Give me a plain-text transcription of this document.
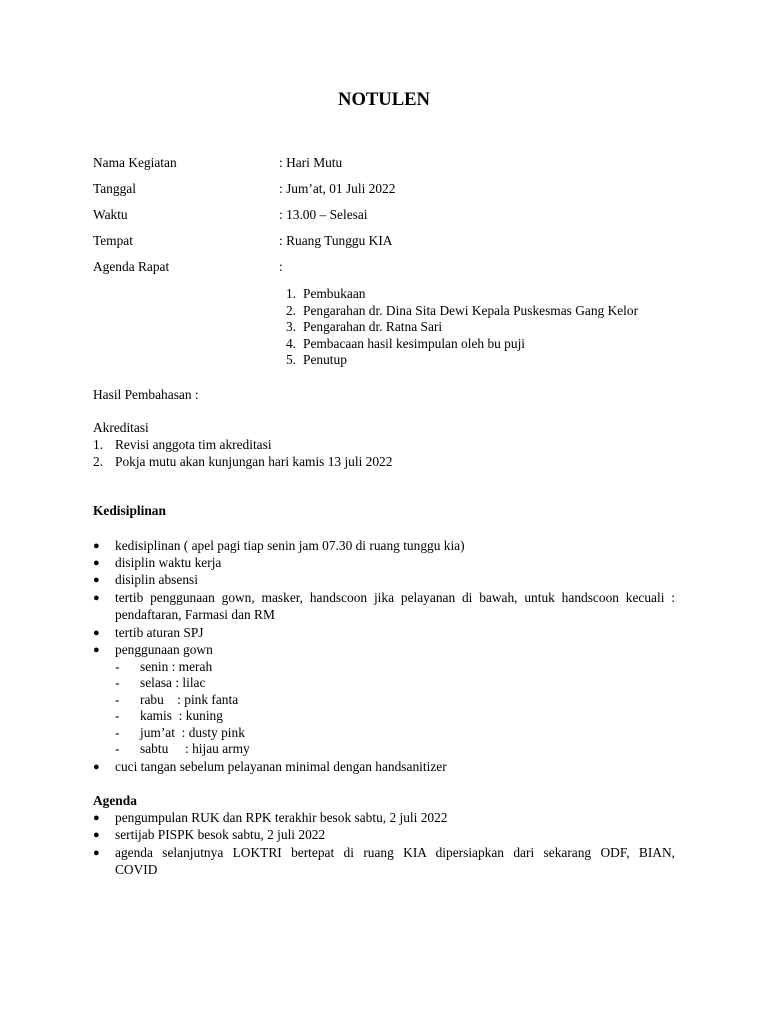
NOTULEN
Nama Kegiatan	: Hari Mutu
Tanggal	: Jum’at, 01 Juli 2022
Waktu	: 13.00 – Selesai
Tempat	: Ruang Tunggu KIA
Agenda Rapat	:
1. Pembukaan
2. Pengarahan dr. Dina Sita Dewi Kepala Puskesmas Gang Kelor
3. Pengarahan dr. Ratna Sari
4. Pembacaan hasil kesimpulan oleh bu puji
5. Penutup
Hasil Pembahasan :
Akreditasi
1. Revisi anggota tim akreditasi
2. Pokja mutu akan kunjungan hari kamis 13 juli 2022
Kedisiplinan
● kedisiplinan ( apel pagi tiap senin jam 07.30 di ruang tunggu kia)
● disiplin waktu kerja
● disiplin absensi
● tertib penggunaan gown, masker, handscoon jika pelayanan di bawah, untuk handscoon kecuali :
pendaftaran, Farmasi dan RM
● tertib aturan SPJ
● penggunaan gown
- senin : merah
- selasa : lilac
- rabu    : pink fanta
- kamis  : kuning
- jum’at  : dusty pink
- sabtu     : hijau army
● cuci tangan sebelum pelayanan minimal dengan handsanitizer
Agenda
● pengumpulan RUK dan RPK terakhir besok sabtu, 2 juli 2022
● sertijab PISPK besok sabtu, 2 juli 2022
● agenda selanjutnya LOKTRI bertepat di ruang KIA dipersiapkan dari sekarang ODF, BIAN,
COVID
